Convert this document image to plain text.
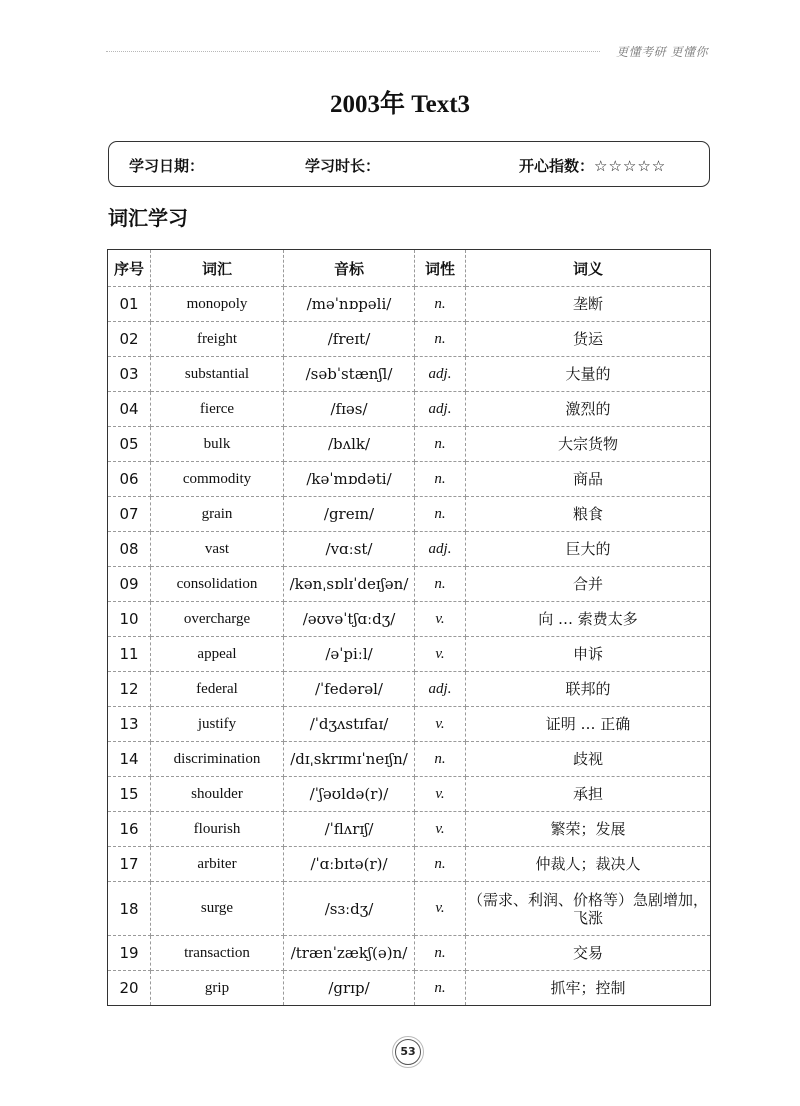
更懂考研 更懂你
2003年 Text3
学习日期：	学习时长：	开心指数：☆☆☆☆☆
词汇学习
序号	词汇	音标	词性	词义
01	monopoly	/məˈnɒpəli/	n.	垄断
02	freight	/freɪt/	n.	货运
03	substantial	/səbˈstænʃl/	adj.	大量的
04	fierce	/fɪəs/	adj.	激烈的
05	bulk	/bʌlk/	n.	大宗货物
06	commodity	/kəˈmɒdəti/	n.	商品
07	grain	/greɪn/	n.	粮食
08	vast	/vɑːst/	adj.	巨大的
09	consolidation	/kənˌsɒlɪˈdeɪʃən/	n.	合并
10	overcharge	/əʊvəˈtʃɑːdʒ/	v.	向 … 索费太多
11	appeal	/əˈpiːl/	v.	申诉
12	federal	/ˈfedərəl/	adj.	联邦的
13	justify	/ˈdʒʌstɪfaɪ/	v.	证明 … 正确
14	discrimination	/dɪˌskrɪmɪˈneɪʃn/	n.	歧视
15	shoulder	/ˈʃəʊldə(r)/	v.	承担
16	flourish	/ˈflʌrɪʃ/	v.	繁荣；发展
17	arbiter	/ˈɑːbɪtə(r)/	n.	仲裁人；裁决人
18	surge	/sɜːdʒ/	v.	（需求、利润、价格等）急剧增加，飞涨
19	transaction	/trænˈzækʃ(ə)n/	n.	交易
20	grip	/grɪp/	n.	抓牢；控制
53
